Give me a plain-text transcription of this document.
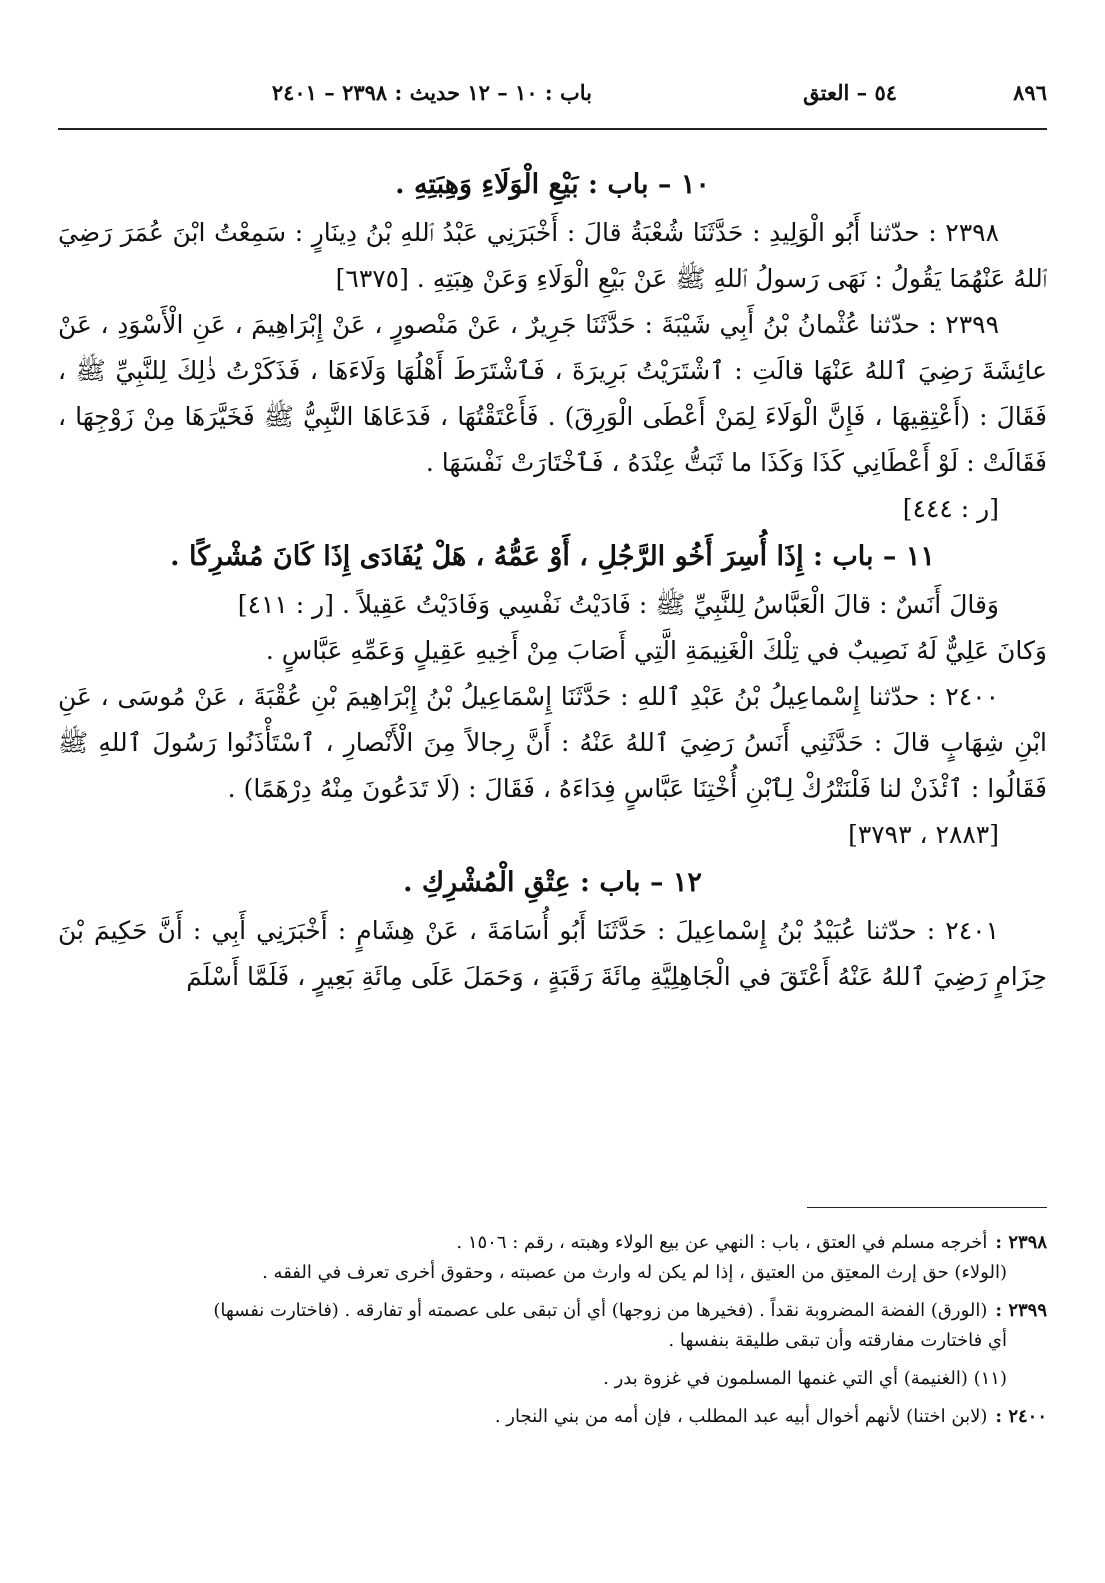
٨٩٦
٥٤ – العتق
باب : ١٠ – ١٢ حديث : ٢٣٩٨ – ٢٤٠١

١٠ – باب : بَيْعِ الْوَلَاءِ وَهِبَتِهِ .

٢٣٩٨ : حدّثنا أَبُو الْوَلِيدِ : حَدَّثَنَا شُعْبَةُ قالَ : أَخْبَرَنِي عَبْدُ ٱللهِ بْنُ دِينَارٍ : سَمِعْتُ ابْنَ عُمَرَ رَضِيَ ٱللهُ عَنْهُمَا يَقُولُ : نَهَى رَسولُ ٱللهِ ﷺ عَنْ بَيْعِ الْوَلَاءِ وَعَنْ هِبَتِهِ . [٦٣٧٥]

٢٣٩٩ : حدّثنا عُثْمانُ بْنُ أَبِي شَيْبَةَ : حَدَّثَنَا جَرِيرٌ ، عَنْ مَنْصورٍ ، عَنْ إِبْرَاهِيمَ ، عَنِ الْأَسْوَدِ ، عَنْ عائِشَةَ رَضِيَ ٱللهُ عَنْهَا قالَتِ : ٱشْتَرَيْتُ بَرِيرَةَ ، فَٱشْتَرَطَ أَهْلُهَا وَلَاءَهَا ، فَذَكَرْتُ ذٰلِكَ لِلنَّبِيِّ ﷺ ، فَقَالَ : (أَعْتِقِيهَا ، فَإِنَّ الْوَلَاءَ لِمَنْ أَعْطَى الْوَرِقَ) . فَأَعْتَقْتُهَا ، فَدَعَاهَا النَّبِيُّ ﷺ فَخَيَّرَهَا مِنْ زَوْجِهَا ، فَقَالَتْ : لَوْ أَعْطَانِي كَذَا وَكَذَا ما ثَبَتُّ عِنْدَهُ ، فَٱخْتَارَتْ نَفْسَهَا .

[ر : ٤٤٤]

١١ – باب : إِذَا أُسِرَ أَخُو الرَّجُلِ ، أَوْ عَمُّهُ ، هَلْ يُفَادَى إِذَا كَانَ مُشْرِكًا .

وَقالَ أَنَسٌ : قالَ الْعَبَّاسُ لِلنَّبِيِّ ﷺ : فَادَيْتُ نَفْسِي وَفَادَيْتُ عَقِيلاً . [ر : ٤١١]

وَكانَ عَلِيٌّ لَهُ نَصِيبٌ في تِلْكَ الْغَنِيمَةِ الَّتِي أَصَابَ مِنْ أَخِيهِ عَقِيلٍ وَعَمِّهِ عَبَّاسٍ .

٢٤٠٠ : حدّثنا إِسْماعِيلُ بْنُ عَبْدِ ٱللهِ : حَدَّثَنَا إِسْمَاعِيلُ بْنُ إِبْرَاهِيمَ بْنِ عُقْبَةَ ، عَنْ مُوسَى ، عَنِ ابْنِ شِهَابٍ قالَ : حَدَّثَنِي أَنَسُ رَضِيَ ٱللهُ عَنْهُ : أَنَّ رِجالاً مِنَ الْأَنْصارِ ، ٱسْتَأْذَنُوا رَسُولَ ٱللهِ ﷺ فَقَالُوا : ٱئْذَنْ لنا فَلْنَتْرُكْ لِٱبْنِ أُخْتِنَا عَبَّاسٍ فِدَاءَهُ ، فَقَالَ : (لَا تَدَعُونَ مِنْهُ دِرْهَمًا) .

[٢٨٨٣ ، ٣٧٩٣]

١٢ – باب : عِتْقِ الْمُشْرِكِ .

٢٤٠١ : حدّثنا عُبَيْدُ بْنُ إِسْماعِيلَ : حَدَّثَنَا أَبُو أُسَامَةَ ، عَنْ هِشَامٍ : أَخْبَرَنِي أَبِي : أَنَّ حَكِيمَ بْنَ حِزَامٍ رَضِيَ ٱللهُ عَنْهُ أَعْتَقَ في الْجَاهِلِيَّةِ مِائَةَ رَقَبَةٍ ، وَحَمَلَ عَلَى مِائَةِ بَعِيرٍ ، فَلَمَّا أَسْلَمَ

٢٣٩٨ :أخرجه مسلم في العتق ، باب : النهي عن بيع الولاء وهبته ، رقم : ١٥٠٦ .
(الولاء) حق إرث المعتِق من العتيق ، إذا لم يكن له وارث من عصبته ، وحقوق أخرى تعرف في الفقه .

٢٣٩٩ :(الورق) الفضة المضروبة نقداً . (فخيرها من زوجها) أي أن تبقى على عصمته أو تفارقه . (فاختارت نفسها)
أي فاختارت مفارقته وأن تبقى طليقة بنفسها .

(١١) (الغنيمة) أي التي غنمها المسلمون في غزوة بدر .

٢٤٠٠ :(لابن اختنا) لأنهم أخوال أبيه عبد المطلب ، فإن أمه من بني النجار .
